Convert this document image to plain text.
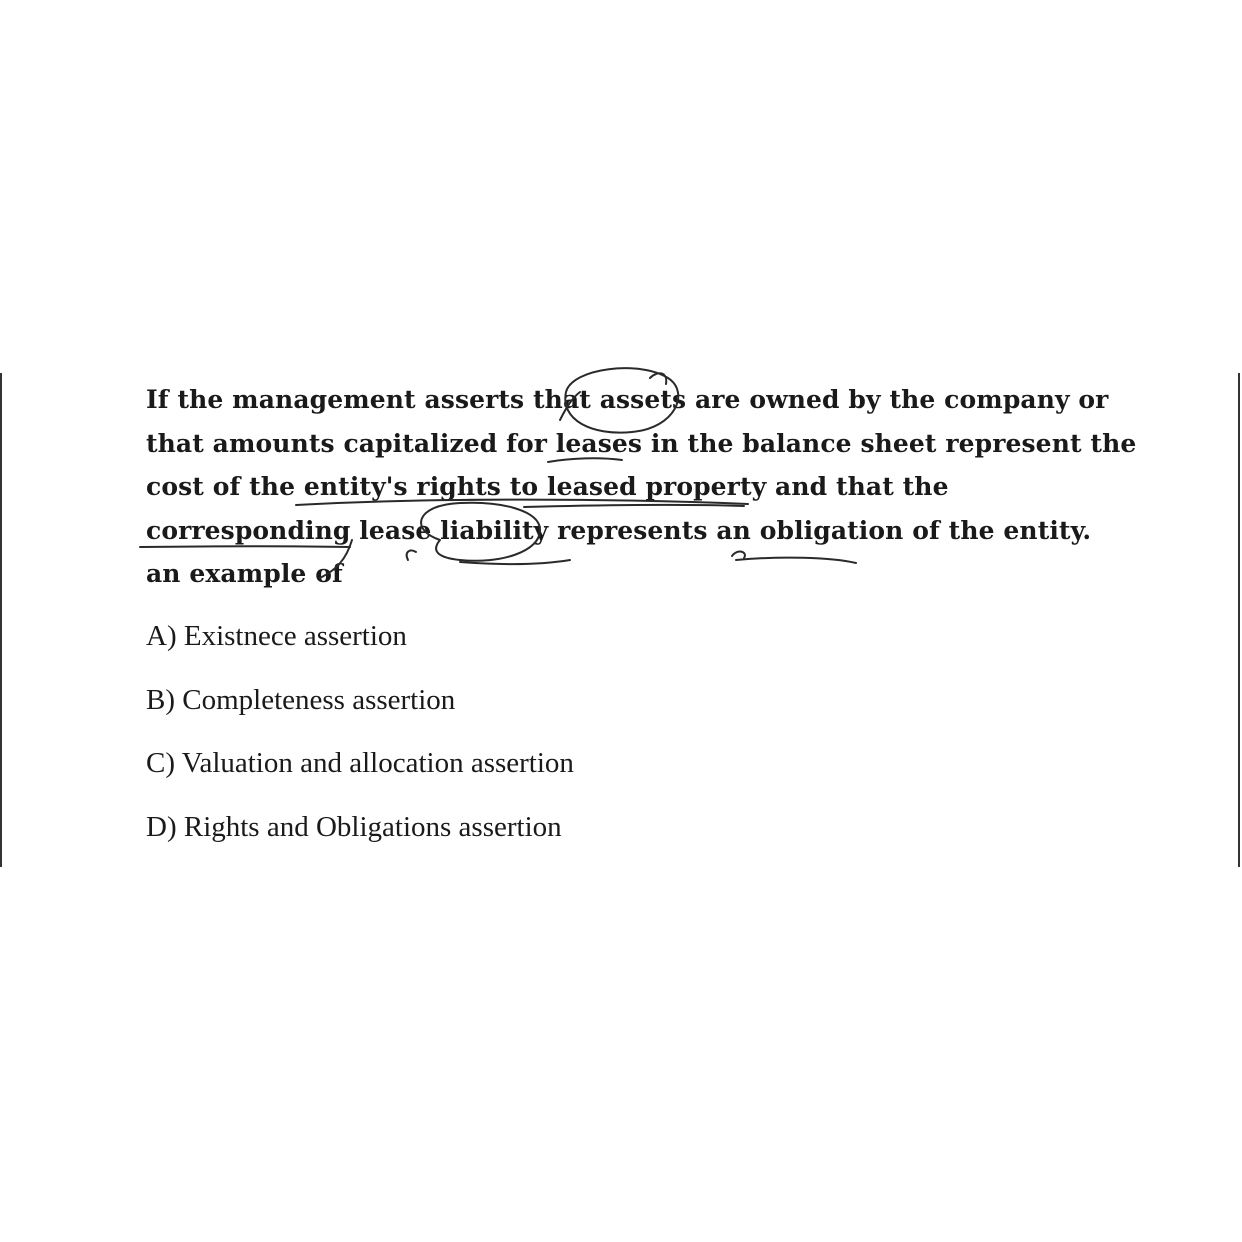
If the management asserts that assets are owned by the company or
that amounts capitalized for leases in the balance sheet represent the
cost of the entity's rights to leased property and that the
corresponding lease liability represents an obligation of the entity.
an example of
A) Existnece assertion
B) Completeness assertion
C) Valuation and allocation assertion
D) Rights and Obligations assertion
